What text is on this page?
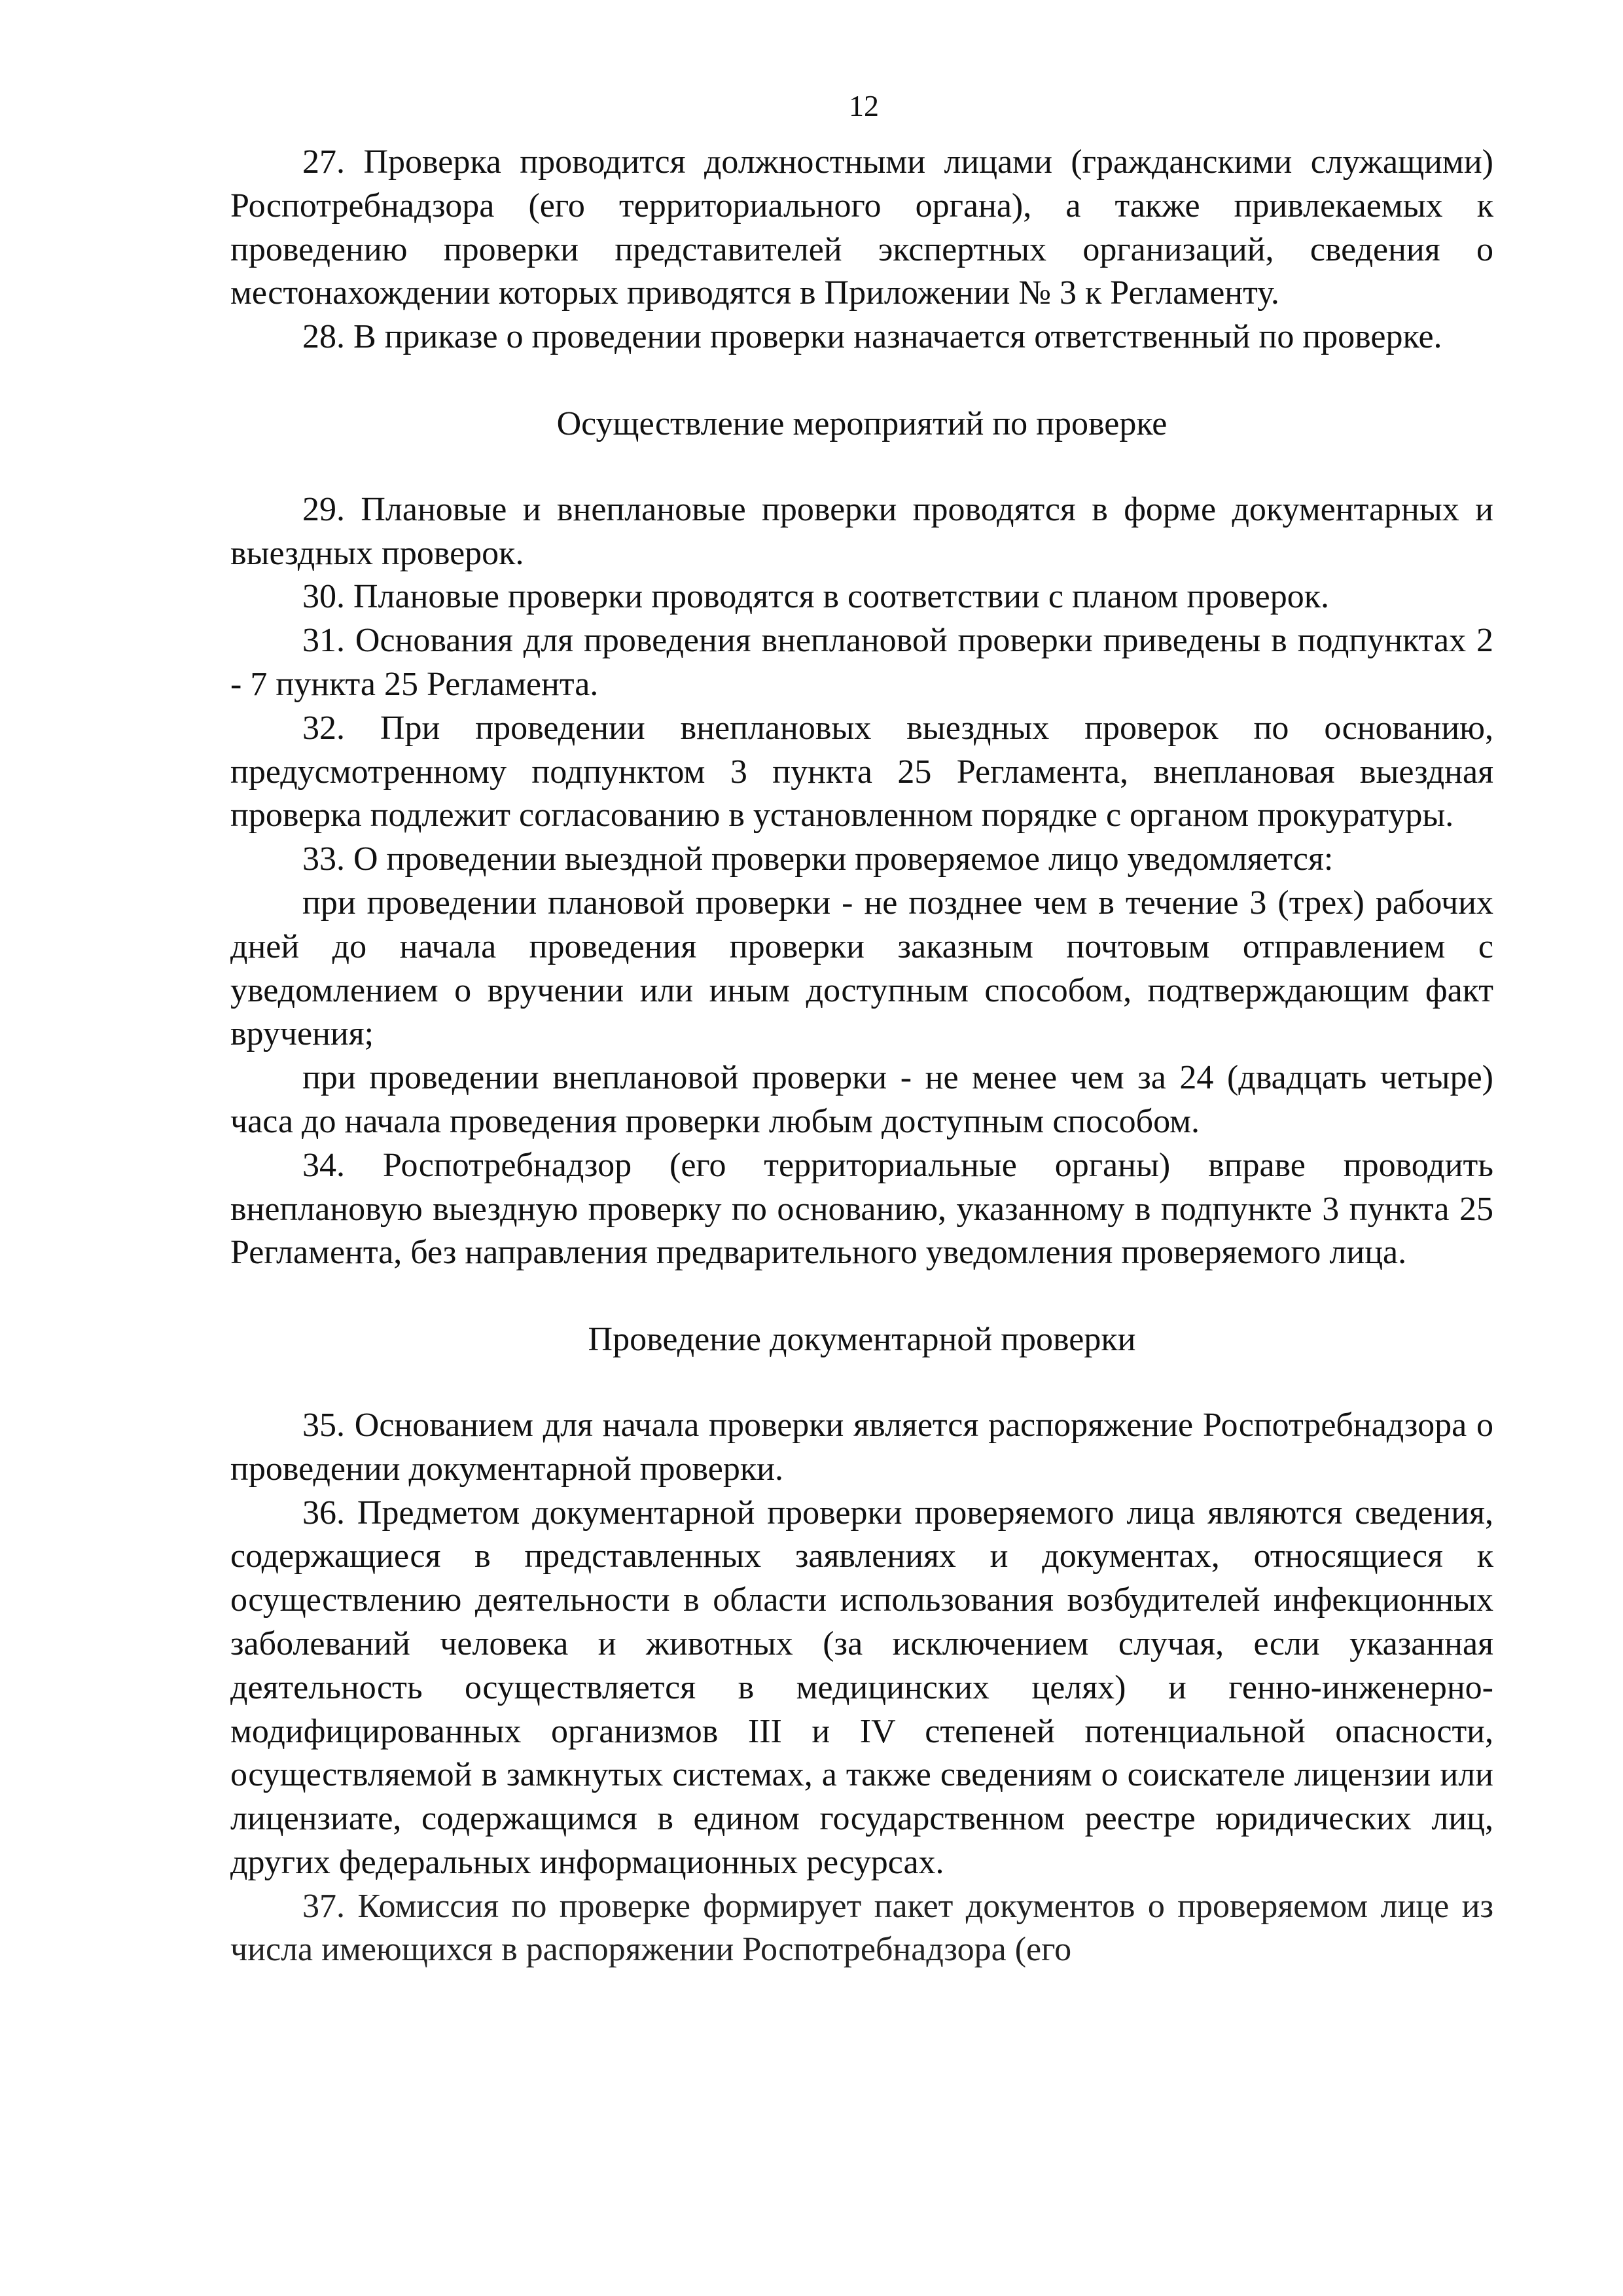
12

27. Проверка проводится должностными лицами (гражданскими служащими) Роспотребнадзора (его территориального органа), а также привлекаемых к проведению проверки представителей экспертных организаций, сведения о местонахождении которых приводятся в Приложении № 3 к Регламенту.

28. В приказе о проведении проверки назначается ответственный по проверке.

Осуществление мероприятий по проверке

29. Плановые и внеплановые проверки проводятся в форме документарных и выездных проверок.

30. Плановые проверки проводятся в соответствии с планом проверок.

31. Основания для проведения внеплановой проверки приведены в подпунктах 2 - 7 пункта 25 Регламента.

32. При проведении внеплановых выездных проверок по основанию, предусмотренному подпунктом 3 пункта 25 Регламента, внеплановая выездная проверка подлежит согласованию в установленном порядке с органом прокуратуры.

33. О проведении выездной проверки проверяемое лицо уведомляется:

при проведении плановой проверки - не позднее чем в течение 3 (трех) рабочих дней до начала проведения проверки заказным почтовым отправлением с уведомлением о вручении или иным доступным способом, подтверждающим факт вручения;

при проведении внеплановой проверки - не менее чем за 24 (двадцать четыре) часа до начала проведения проверки любым доступным способом.

34. Роспотребнадзор (его территориальные органы) вправе проводить внеплановую выездную проверку по основанию, указанному в подпункте 3 пункта 25 Регламента, без направления предварительного уведомления проверяемого лица.

Проведение документарной проверки

35. Основанием для начала проверки является распоряжение Роспотребнадзора о проведении документарной проверки.

36. Предметом документарной проверки проверяемого лица являются сведения, содержащиеся в представленных заявлениях и документах, относящиеся к осуществлению деятельности в области использования возбудителей инфекционных заболеваний человека и животных (за исключением случая, если указанная деятельность осуществляется в медицинских целях) и генно-инженерно-модифицированных организмов III и IV степеней потенциальной опасности, осуществляемой в замкнутых системах, а также сведениям о соискателе лицензии или лицензиате, содержащимся в едином государственном реестре юридических лиц, других федеральных информационных ресурсах.

37. Комиссия по проверке формирует пакет документов о проверяемом лице из числа имеющихся в распоряжении Роспотребнадзора (его
